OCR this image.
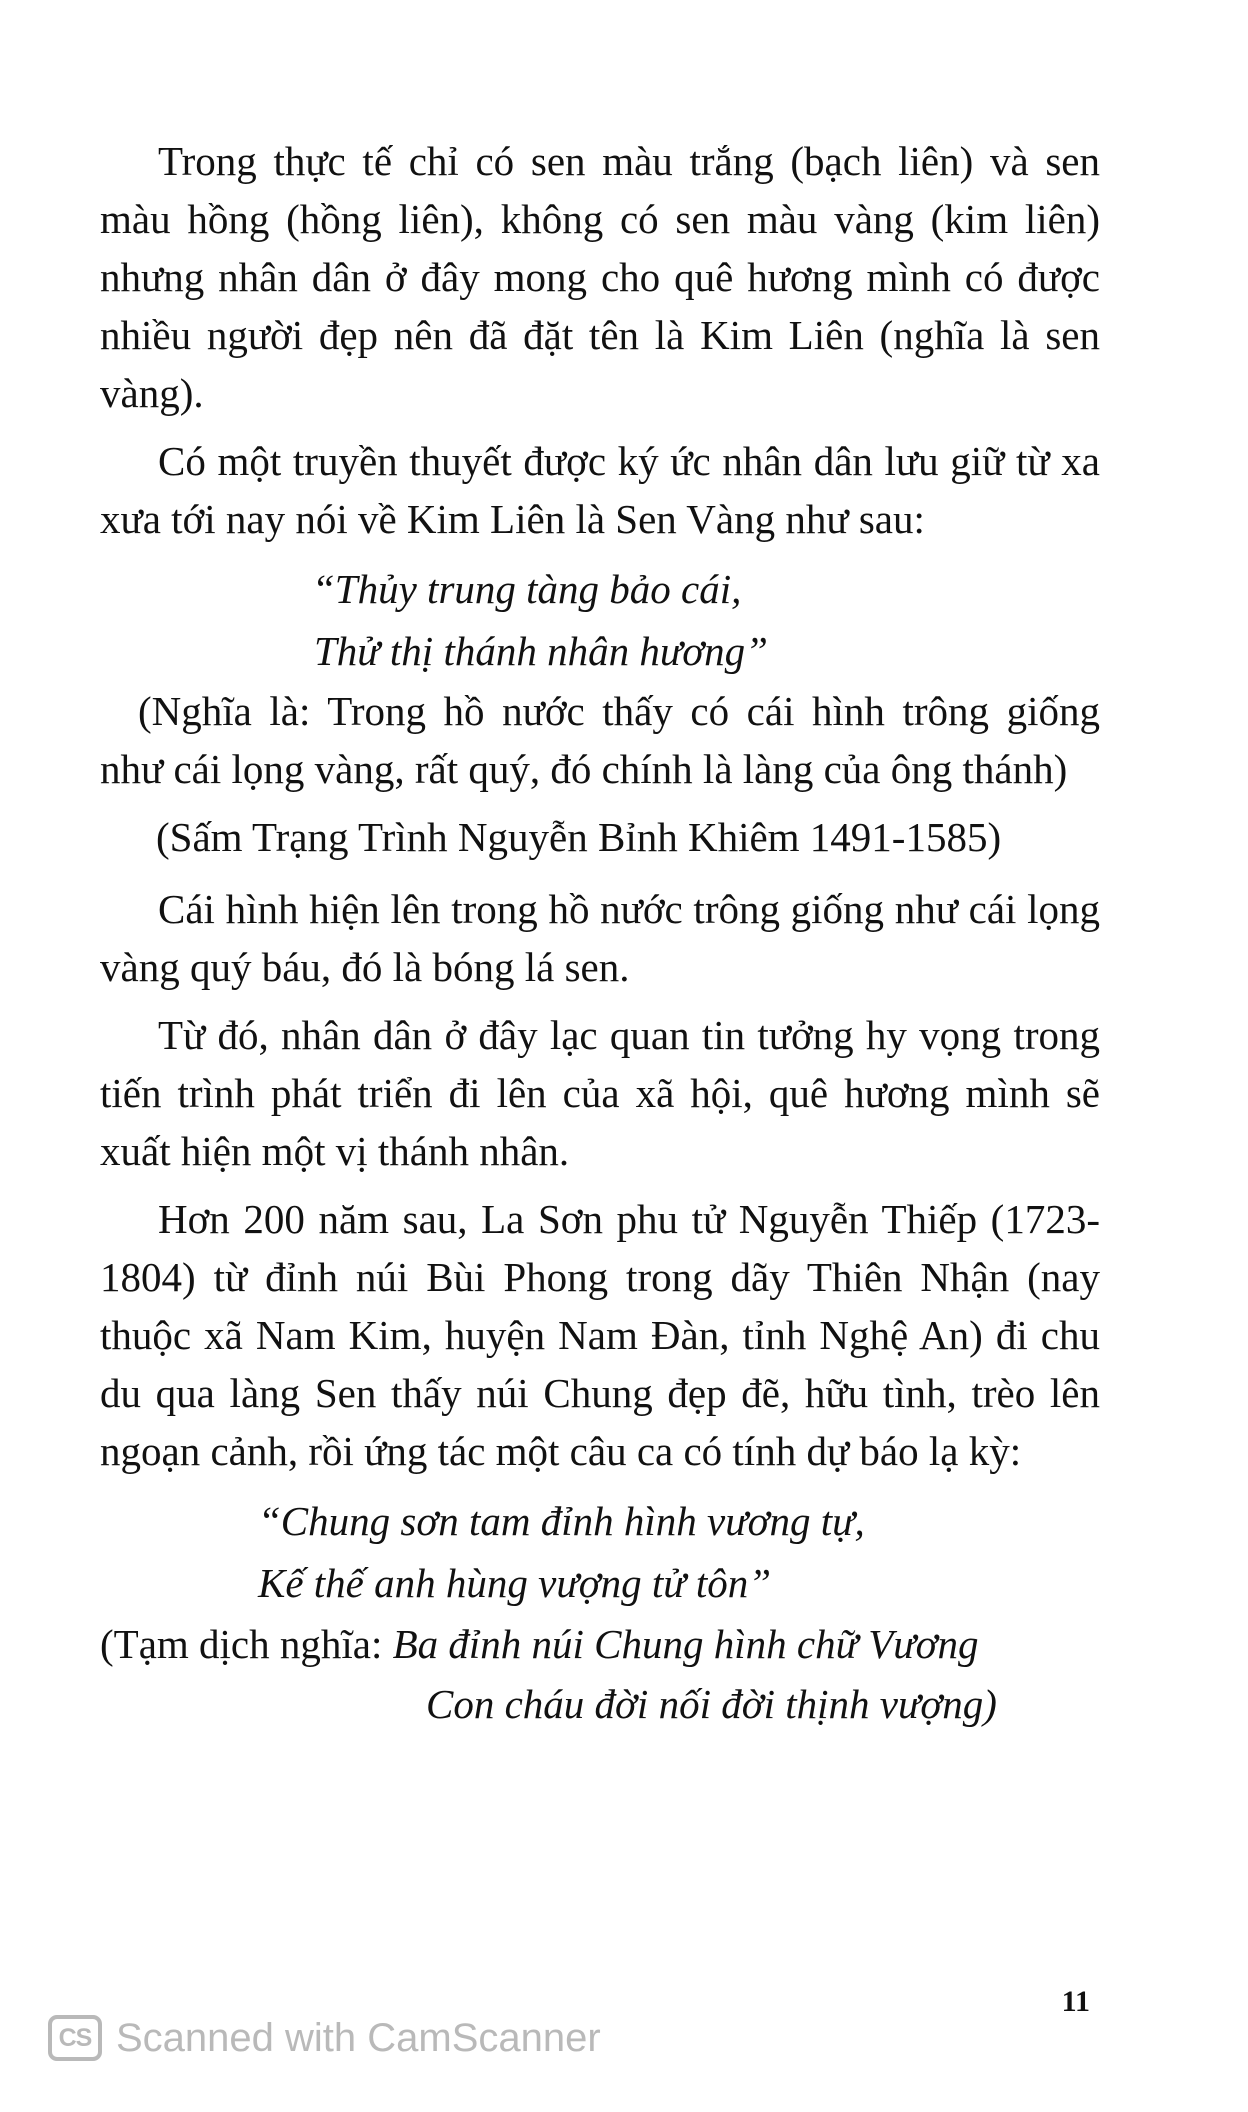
Trong thực tế chỉ có sen màu trắng (bạch liên) và sen màu hồng (hồng liên), không có sen màu vàng (kim liên) nhưng nhân dân ở đây mong cho quê hương mình có được nhiều người đẹp nên đã đặt tên là Kim Liên (nghĩa là sen vàng).

Có một truyền thuyết được ký ức nhân dân lưu giữ từ xa xưa tới nay nói về Kim Liên là Sen Vàng như sau:

“Thủy trung tàng bảo cái,
Thử thị thánh nhân hương”

(Nghĩa là: Trong hồ nước thấy có cái hình trông giống như cái lọng vàng, rất quý, đó chính là làng của ông thánh)

(Sấm Trạng Trình Nguyễn Bỉnh Khiêm 1491-1585)

Cái hình hiện lên trong hồ nước trông giống như cái lọng vàng quý báu, đó là bóng lá sen.

Từ đó, nhân dân ở đây lạc quan tin tưởng hy vọng trong tiến trình phát triển đi lên của xã hội, quê hương mình sẽ xuất hiện một vị thánh nhân.

Hơn 200 năm sau, La Sơn phu tử Nguyễn Thiếp (1723-1804) từ đỉnh núi Bùi Phong trong dãy Thiên Nhận (nay thuộc xã Nam Kim, huyện Nam Đàn, tỉnh Nghệ An) đi chu du qua làng Sen thấy núi Chung đẹp đẽ, hữu tình, trèo lên ngoạn cảnh, rồi ứng tác một câu ca có tính dự báo lạ kỳ:

“Chung sơn tam đỉnh hình vương tự,
Kế thế anh hùng vượng tử tôn”
(Tạm dịch nghĩa: Ba đỉnh núi Chung hình chữ Vương
Con cháu đời nối đời thịnh vượng)
11
CS Scanned with CamScanner
